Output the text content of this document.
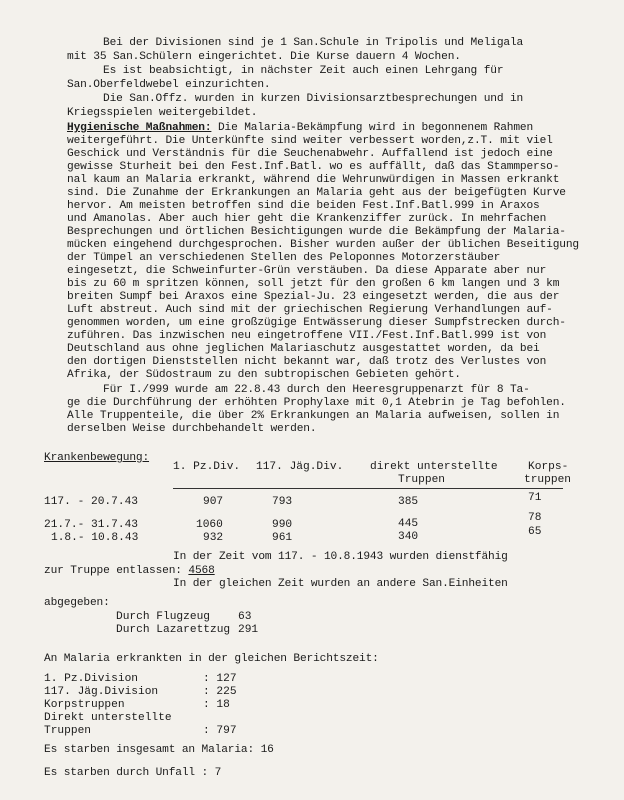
Bei der Divisionen sind je 1 San.Schule in Tripolis und Meligala
mit 35 San.Schülern eingerichtet. Die Kurse dauern 4 Wochen.
Es ist beabsichtigt, in nächster Zeit auch einen Lehrgang für
San.Oberfeldwebel einzurichten.
Die San.Offz. wurden in kurzen Divisionsarztbesprechungen und in
Kriegsspielen weitergebildet.
Hygienische Maßnahmen: Die Malaria-Bekämpfung wird in begonnenem Rahmen
weitergeführt. Die Unterkünfte sind weiter verbessert worden,z.T. mit viel
Geschick und Verständnis für die Seuchenabwehr. Auffallend ist jedoch eine
gewisse Sturheit bei den Fest.Inf.Batl. wo es auffällt, daß das Stammperso-
nal kaum an Malaria erkrankt, während die Wehrunwürdigen in Massen erkrankt
sind. Die Zunahme der Erkrankungen an Malaria geht aus der beigefügten Kurve
hervor. Am meisten betroffen sind die beiden Fest.Inf.Batl.999 in Araxos
und Amanolas. Aber auch hier geht die Krankenziffer zurück. In mehrfachen
Besprechungen und örtlichen Besichtigungen wurde die Bekämpfung der Malaria-
mücken eingehend durchgesprochen. Bisher wurden außer der üblichen Beseitigung
der Tümpel an verschiedenen Stellen des Peloponnes Motorzerstäuber
eingesetzt, die Schweinfurter-Grün verstäuben. Da diese Apparate aber nur
bis zu 60 m spritzen können, soll jetzt für den großen 6 km langen und 3 km
breiten Sumpf bei Araxos eine Spezial-Ju. 23 eingesetzt werden, die aus der
Luft abstreut. Auch sind mit der griechischen Regierung Verhandlungen auf-
genommen worden, um eine großzügige Entwässerung dieser Sumpfstrecken durch-
zuführen. Das inzwischen neu eingetroffene VII./Fest.Inf.Batl.999 ist von
Deutschland aus ohne jeglichen Malariaschutz ausgestattet worden, da bei
den dortigen Dienststellen nicht bekannt war, daß trotz des Verlustes von
Afrika, der Südostraum zu den subtropischen Gebieten gehört.
Für I./999 wurde am 22.8.43 durch den Heeresgruppenarzt für 8 Ta-
ge die Durchführung der erhöhten Prophylaxe mit 0,1 Atebrin je Tag befohlen.
Alle Truppenteile, die über 2% Erkrankungen an Malaria aufweisen, sollen in
derselben Weise durchbehandelt werden.
Krankenbewegung:
1. Pz.Div. 117. Jäg.Div. direkt unterstellte
Truppen
Korps-
truppen
117. - 20.7.43	907	793	385	71
21.7.- 31.7.43	1060	990	445	78
1.8.- 10.8.43	932	961	340	65
In der Zeit vom 117. - 10.8.1943 wurden dienstfähig
zur Truppe entlassen: 4568
In der gleichen Zeit wurden an andere San.Einheiten
abgegeben:
Durch Flugzeug	63
Durch Lazarettzug 291
An Malaria erkrankten in der gleichen Berichtszeit:
1. Pz.Division	: 127
117. Jäg.Division	: 225
Korpstruppen	: 18
Direkt unterstellte
Truppen	: 797
Es starben insgesamt an Malaria: 16
Es starben durch Unfall : 7
